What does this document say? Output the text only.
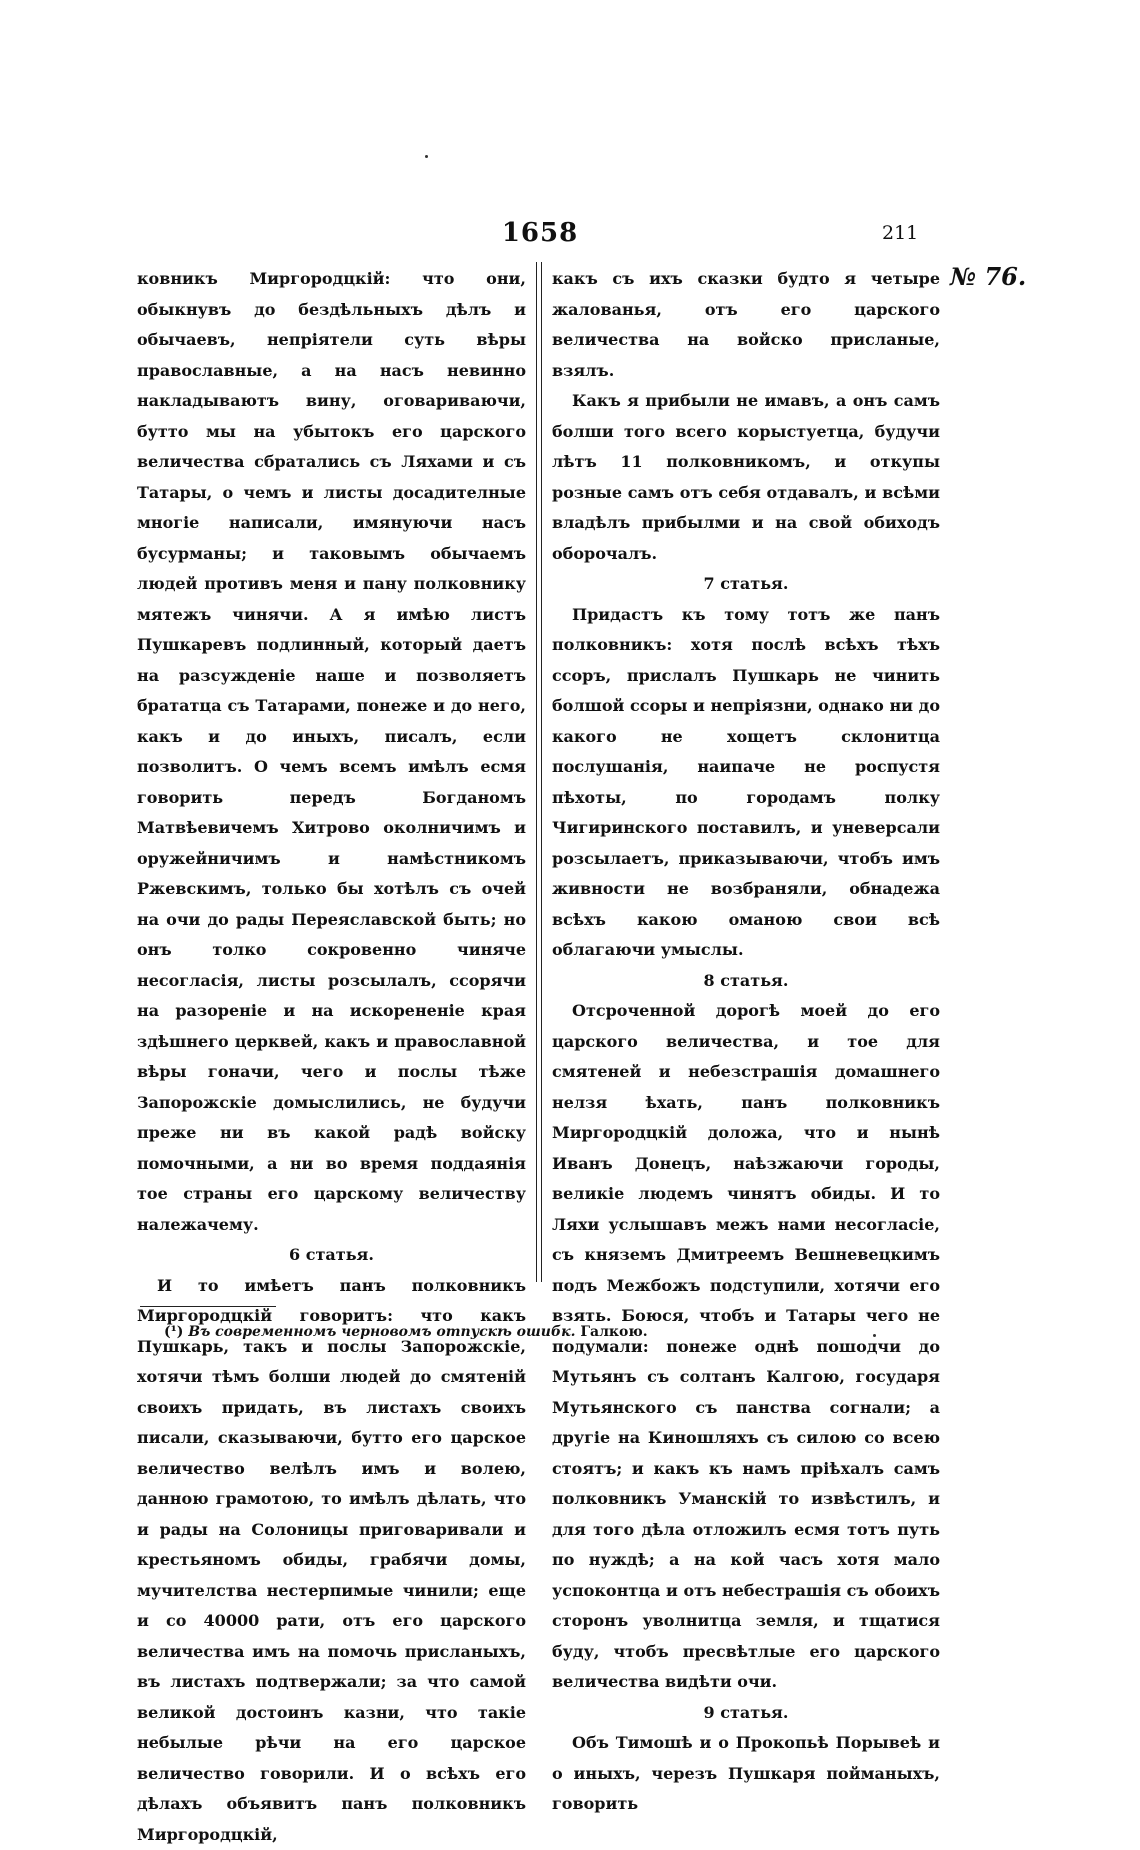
1658	211
№ 76.

ковникъ Миргородцкій: что они, обыкнувъ до бездѣльныхъ дѣлъ и обычаевъ, непріятели суть вѣры православные, а на насъ невинно накладываютъ вину, оговариваючи, бутто мы на убытокъ его царского величества сбратались съ Ляхами и съ Татары, о чемъ и листы досадителные многіе написали, имянуючи насъ бусурманы; и таковымъ обычаемъ людей противъ меня и пану полковнику мятежъ чинячи. А я имѣю листъ Пушкаревъ подлинный, который даетъ на разсужденіе наше и позволяетъ брататца съ Татарами, понеже и до него, какъ и до иныхъ, писалъ, если позволитъ. О чемъ всемъ имѣлъ есмя говорить передъ Богданомъ Матвѣевичемъ Хитрово околничимъ и оружейничимъ и намѣстникомъ Ржевскимъ, только бы хотѣлъ съ очей на очи до рады Переяславской быть; но онъ толко сокровенно чиняче несогласія, листы розсылалъ, ссорячи на разореніе и на искорененіе края здѣшнего церквей, какъ и православной вѣры гоначи, чего и послы тѣже Запорожскіе домыслились, не будучи преже ни въ какой радѣ войску помочными, а ни во время поддаянія тое страны его царскому величеству належачему.

6 статья.

И то имѣетъ панъ полковникъ Миргородцкій говоритъ: что какъ Пушкарь, такъ и послы Запорожскіе, хотячи тѣмъ болши людей до смятеній своихъ придать, въ листахъ своихъ писали, сказываючи, бутто его царское величество велѣлъ имъ и волею, данною грамотою, то имѣлъ дѣлать, что и рады на Солоницы приговаривали и крестьяномъ обиды, грабячи домы, мучителства нестерпимые чинили; еще и со 40000 рати, отъ его царского величества имъ на помочь присланыхъ, въ листахъ подтвержали; за что самой великой достоинъ казни, что такіе небылые рѣчи на его царское величество говорили. И о всѣхъ его дѣлахъ объявитъ панъ полковникъ Миргородцкій,

какъ съ ихъ сказки будто я четыре жалованья, отъ его царского величества на войско присланые, взялъ.

Какъ я прибыли не имавъ, а онъ самъ болши того всего корыстуетца, будучи лѣтъ 11 полковникомъ, и откупы розные самъ отъ себя отдавалъ, и всѣми владѣлъ прибылми и на свой обиходъ оборочалъ.

7 статья.

Придастъ къ тому тотъ же панъ полковникъ: хотя послѣ всѣхъ тѣхъ ссоръ, прислалъ Пушкарь не чинить болшой ссоры и непріязни, однако ни до какого не хощетъ склонитца послушанія, наипаче не роспустя пѣхоты, по городамъ полку Чигиринского поставилъ, и уневерсали розсылаетъ, приказываючи, чтобъ имъ живности не возбраняли, обнадежа всѣхъ какою оманою свои всѣ облагаючи умыслы.

8 статья.

Отсроченной дорогѣ моей до его царского величества, и тое для смятеней и небезстрашія домашнего нелзя ѣхать, панъ полковникъ Миргородцкій доложа, что и нынѣ Иванъ Донецъ, наѣзжаючи городы, великіе людемъ чинятъ обиды. И то Ляхи услышавъ межъ нами несогласіе, съ княземъ Дмитреемъ Вешневецкимъ подъ Межбожъ подступили, хотячи его взять. Боюся, чтобъ и Татары чего не подумали: понеже однѣ пошодчи до Мутьянъ съ солтанъ Калгою, государя Мутьянского съ панства согнали; а другіе на Киношляхъ съ силою со всею стоятъ; и какъ къ намъ пріѣхалъ самъ полковникъ Уманскій то извѣстилъ, и для того дѣла отложилъ есмя тотъ путь по нуждѣ; а на кой часъ хотя мало успоконтца и отъ небестрашія съ обоихъ сторонъ уволнитца земля, и тщатися буду, чтобъ пресвѣтлые его царского величества видѣти очи.

9 статья.

Объ Тимошѣ и о Прокопьѣ Порывеѣ и о иныхъ, черезъ Пушкаря пойманыхъ, говорить

(¹) Въ современномъ черновомъ отпускѣ ошибк. Галкою.
